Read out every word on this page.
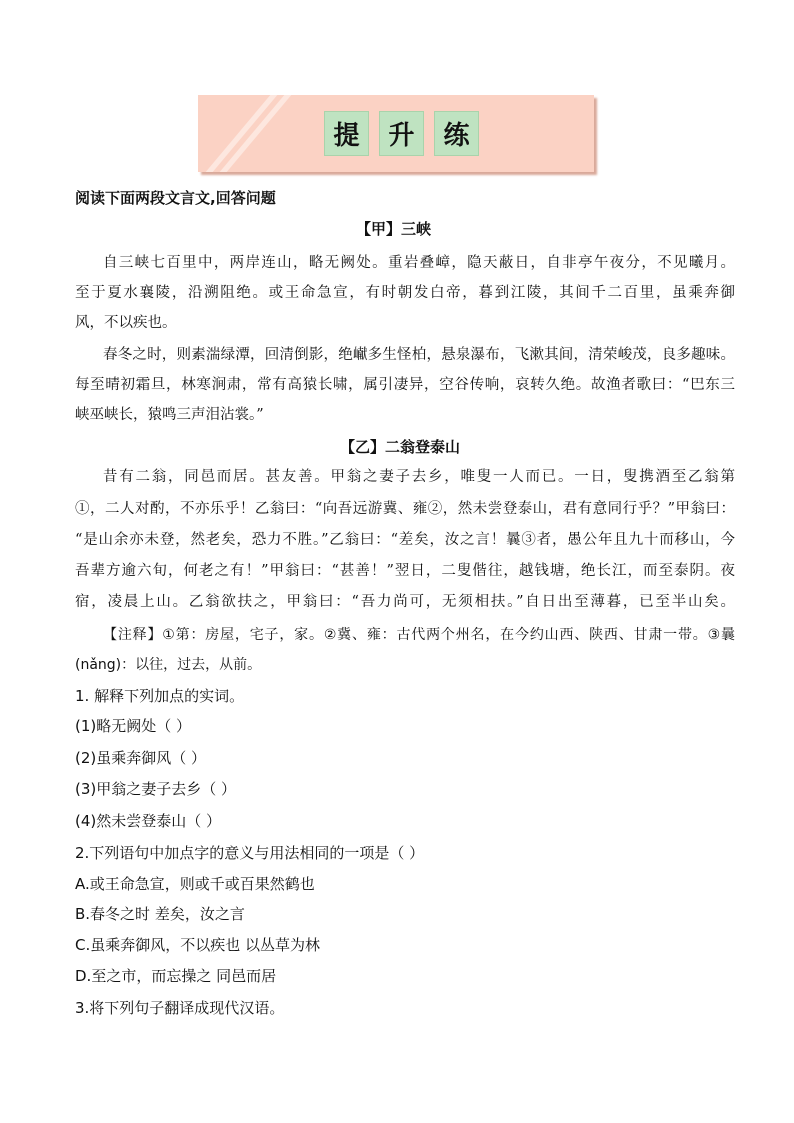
提	升	练
阅读下面两段文言文,回答问题
【甲】三峡
自三峡七百里中，两岸连山，略无阙处。重岩叠嶂，隐天蔽日，自非亭午夜分，不见曦月。
至于夏水襄陵，沿溯阻绝。或王命急宣，有时朝发白帝，暮到江陵，其间千二百里，虽乘奔御
风，不以疾也。
春冬之时，则素湍绿潭，回清倒影，绝𪩘多生怪柏，悬泉瀑布，飞漱其间，清荣峻茂，良多趣味。
每至晴初霜旦，林寒涧肃，常有高猿长啸，属引凄异，空谷传响，哀转久绝。故渔者歌曰：“巴东三
峡巫峡长，猿鸣三声泪沾裳。”
【乙】二翁登泰山
昔有二翁，同邑而居。甚友善。甲翁之妻子去乡，唯叟一人而已。一日，叟携酒至乙翁第
①，二人对酌，不亦乐乎！乙翁曰：“向吾远游冀、雍②，然未尝登泰山，君有意同行乎？”甲翁曰：
“是山余亦未登，然老矣，恐力不胜。”乙翁曰：“差矣，汝之言！曩③者，愚公年且九十而移山，今
吾辈方逾六旬，何老之有！”甲翁曰：“甚善！”翌日，二叟偕往，越钱塘，绝长江，而至泰阴。夜
宿，凌晨上山。乙翁欲扶之，甲翁曰：“吾力尚可，无须相扶。”自日出至薄暮，已至半山矣。
【注释】①第：房屋，宅子，家。②冀、雍：古代两个州名，在今约山西、陕西、甘肃一带。③曩
(nǎng)：以往，过去，从前。
1. 解释下列加点的实词。
(1)略无阙处（ ）
(2)虽乘奔御风（ ）
(3)甲翁之妻子去乡（ ）
(4)然未尝登泰山（ ）
2.下列语句中加点字的意义与用法相同的一项是（ ）
A.或王命急宣，则或千或百果然鹤也
B.春冬之时 差矣，汝之言
C.虽乘奔御风，不以疾也 以丛草为林
D.至之市，而忘操之 同邑而居
3.将下列句子翻译成现代汉语。
